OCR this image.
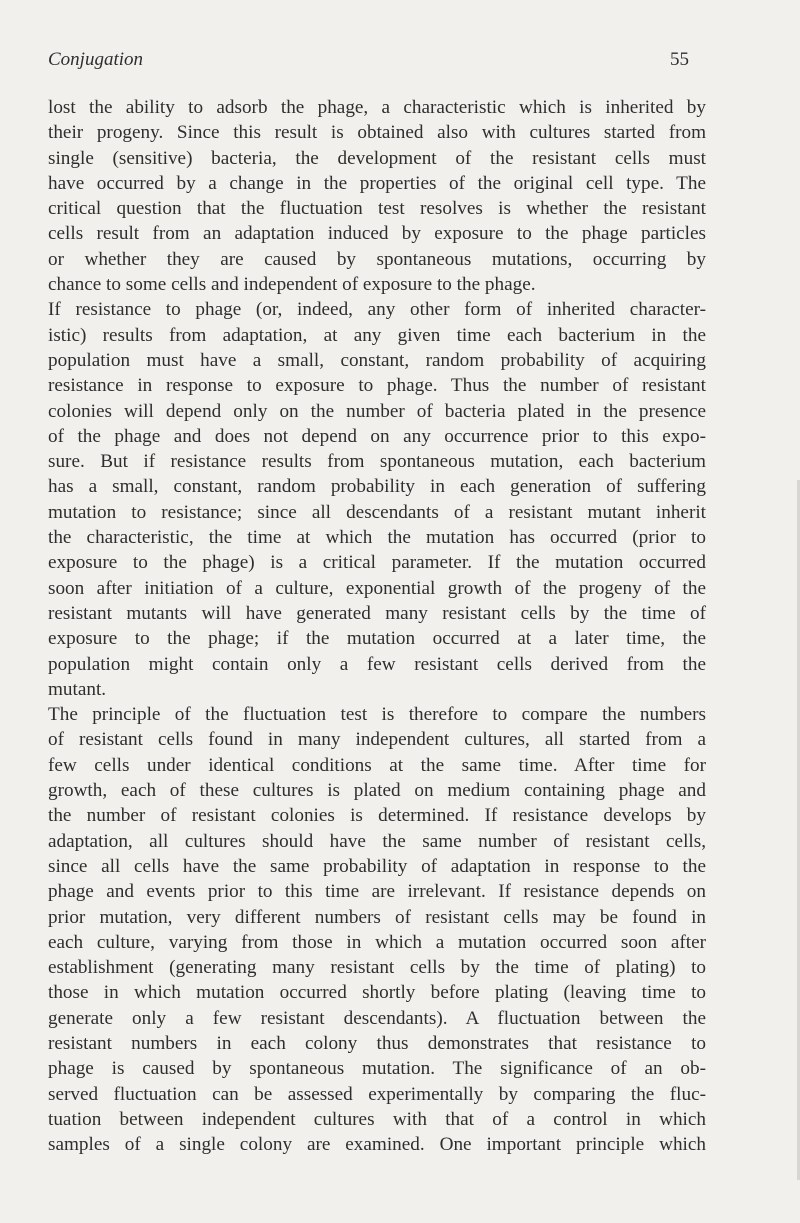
Conjugation	55
lost the ability to adsorb the phage, a characteristic which is inherited by
their progeny. Since this result is obtained also with cultures started from
single (sensitive) bacteria, the development of the resistant cells must
have occurred by a change in the properties of the original cell type. The
critical question that the fluctuation test resolves is whether the resistant
cells result from an adaptation induced by exposure to the phage particles
or whether they are caused by spontaneous mutations, occurring by
chance to some cells and independent of exposure to the phage.
If resistance to phage (or, indeed, any other form of inherited character-
istic) results from adaptation, at any given time each bacterium in the
population must have a small, constant, random probability of acquiring
resistance in response to exposure to phage. Thus the number of resistant
colonies will depend only on the number of bacteria plated in the presence
of the phage and does not depend on any occurrence prior to this expo-
sure. But if resistance results from spontaneous mutation, each bacterium
has a small, constant, random probability in each generation of suffering
mutation to resistance; since all descendants of a resistant mutant inherit
the characteristic, the time at which the mutation has occurred (prior to
exposure to the phage) is a critical parameter. If the mutation occurred
soon after initiation of a culture, exponential growth of the progeny of the
resistant mutants will have generated many resistant cells by the time of
exposure to the phage; if the mutation occurred at a later time, the
population might contain only a few resistant cells derived from the
mutant.
The principle of the fluctuation test is therefore to compare the numbers
of resistant cells found in many independent cultures, all started from a
few cells under identical conditions at the same time. After time for
growth, each of these cultures is plated on medium containing phage and
the number of resistant colonies is determined. If resistance develops by
adaptation, all cultures should have the same number of resistant cells,
since all cells have the same probability of adaptation in response to the
phage and events prior to this time are irrelevant. If resistance depends on
prior mutation, very different numbers of resistant cells may be found in
each culture, varying from those in which a mutation occurred soon after
establishment (generating many resistant cells by the time of plating) to
those in which mutation occurred shortly before plating (leaving time to
generate only a few resistant descendants). A fluctuation between the
resistant numbers in each colony thus demonstrates that resistance to
phage is caused by spontaneous mutation. The significance of an ob-
served fluctuation can be assessed experimentally by comparing the fluc-
tuation between independent cultures with that of a control in which
samples of a single colony are examined. One important principle which
